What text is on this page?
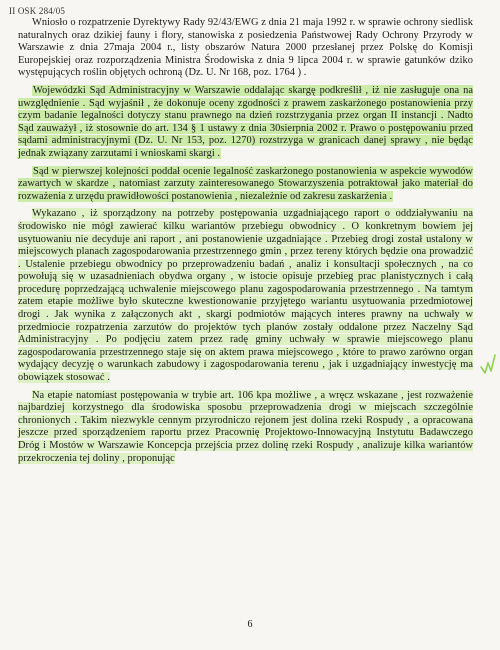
II OSK 284/05

Wniosło o rozpatrzenie Dyrektywy Rady 92/43/EWG z dnia 21 maja 1992 r. w sprawie ochrony siedlisk naturalnych oraz dzikiej fauny i flory, stanowiska z posiedzenia Państwowej Rady Ochrony Przyrody w Warszawie z dnia 27maja 2004 r., listy obszarów Natura 2000 przesłanej przez Polskę do Komisji Europejskiej oraz rozporządzenia Ministra Środowiska z dnia 9 lipca 2004 r. w sprawie gatunków dziko występujących roślin objętych ochroną (Dz. U. Nr 168, poz. 1764 ) .

Wojewódzki Sąd Administracyjny w Warszawie oddalając skargę podkreślił , iż nie zasługuje ona na uwzględnienie . Sąd wyjaśnił , że dokonuje oceny zgodności z prawem zaskarżonego postanowienia przy czym badanie legalności dotyczy stanu prawnego na dzień rozstrzygania przez organ II instancji . Nadto Sąd zauważył , iż stosownie do art. 134 § 1 ustawy z dnia 30sierpnia 2002 r. Prawo o postępowaniu przed sądami administracyjnymi (Dz. U. Nr 153, poz. 1270) rozstrzyga w granicach danej sprawy , nie będąc jednak związany zarzutami i wnioskami skargi .

Sąd w pierwszej kolejności poddał ocenie legalność zaskarżonego postanowienia w aspekcie wywodów zawartych w skardze , natomiast zarzuty zainteresowanego Stowarzyszenia potraktował jako materiał do rozważenia z urzędu prawidłowości postanowienia , niezależnie od zakresu zaskarżenia .

Wykazano , iż sporządzony na potrzeby postępowania uzgadniającego raport o oddziaływaniu na środowisko nie mógł zawierać kilku wariantów przebiegu obwodnicy . O konkretnym bowiem jej usytuowaniu nie decyduje ani raport , ani postanowienie uzgadniające . Przebieg drogi został ustalony w miejscowych planach zagospodarowania przestrzennego gmin , przez tereny których będzie ona prowadzić . Ustalenie przebiegu obwodnicy po przeprowadzeniu badań , analiz i konsultacji społecznych , na co powołują się w uzasadnieniach obydwa organy , w istocie opisuje przebieg prac planistycznych i całą procedurę poprzedzającą uchwalenie miejscowego planu zagospodarowania przestrzennego . Na tamtym zatem etapie możliwe było skuteczne kwestionowanie przyjętego wariantu usytuowania przedmiotowej drogi . Jak wynika z załączonych akt , skargi podmiotów mających interes prawny na uchwały w przedmiocie rozpatrzenia zarzutów do projektów tych planów zostały oddalone przez Naczelny Sąd Administracyjny . Po podjęciu zatem przez radę gminy uchwały w sprawie miejscowego planu zagospodarowania przestrzennego staje się on aktem prawa miejscowego , które to prawo zarówno organ wydający decyzję o warunkach zabudowy i zagospodarowania terenu , jak i uzgadniający inwestycję ma obowiązek stosować .

Na etapie natomiast postępowania w trybie art. 106 kpa możliwe , a wręcz wskazane , jest rozważenie najbardziej korzystnego dla środowiska sposobu przeprowadzenia drogi w miejscach szczególnie chronionych . Takim niezwykle cennym przyrodniczo rejonem jest dolina rzeki Rospudy , a opracowana jeszcze przed sporządzeniem raportu przez Pracownię Projektowo-Innowacyjną Instytutu Badawczego Dróg i Mostów w Warszawie Koncepcja przejścia przez dolinę rzeki Rospudy , analizuje kilka wariantów przekroczenia tej doliny , proponując

6
